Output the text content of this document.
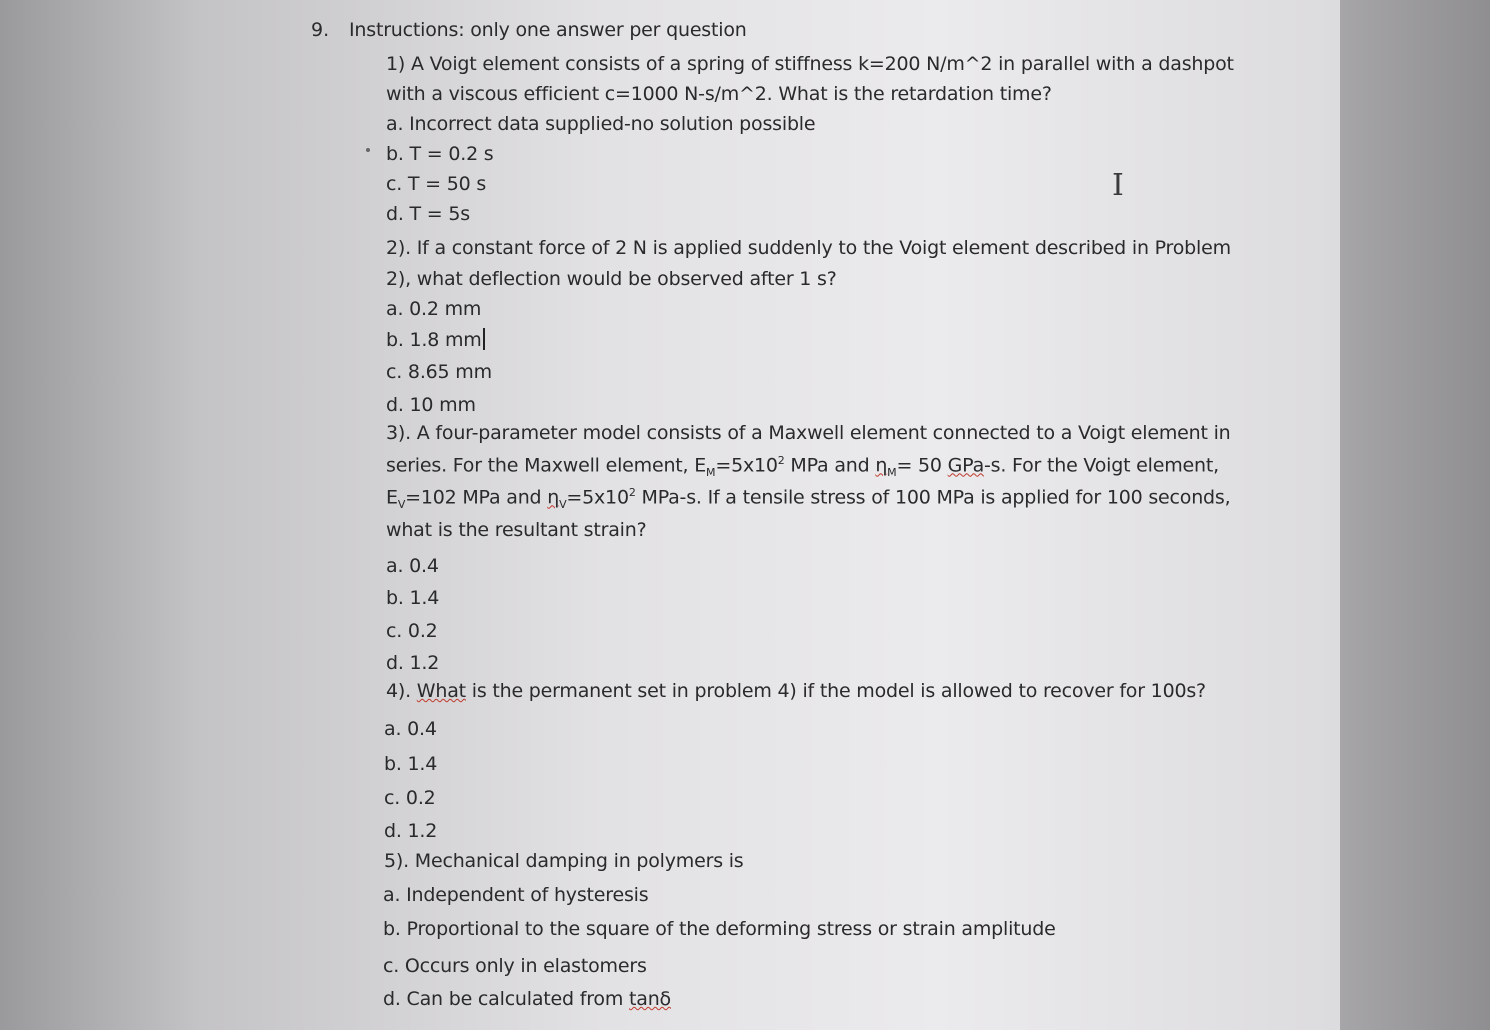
9. Instructions: only one answer per question
1) A Voigt element consists of a spring of stiffness k=200 N/m^2 in parallel with a dashpot
with a viscous efficient c=1000 N-s/m^2. What is the retardation time?
a. Incorrect data supplied-no solution possible
b. T = 0.2 s
c. T = 50 s
d. T = 5s
I
2). If a constant force of 2 N is applied suddenly to the Voigt element described in Problem
2), what deflection would be observed after 1 s?
a. 0.2 mm
b. 1.8 mm
c. 8.65 mm
d. 10 mm
3). A four-parameter model consists of a Maxwell element connected to a Voigt element in
series. For the Maxwell element, $E_M=5x10^2$ MPa and $\eta_M= 50$ GPa-s. For the Voigt element,
$E_V=102$ MPa and $\eta_V=5x10^2$ MPa-s. If a tensile stress of 100 MPa is applied for 100 seconds,
what is the resultant strain?
a. 0.4
b. 1.4
c. 0.2
d. 1.2
4). What is the permanent set in problem 4) if the model is allowed to recover for 100s?
a. 0.4
b. 1.4
c. 0.2
d. 1.2
5). Mechanical damping in polymers is
a. Independent of hysteresis
b. Proportional to the square of the deforming stress or strain amplitude
c. Occurs only in elastomers
d. Can be calculated from tanδ
